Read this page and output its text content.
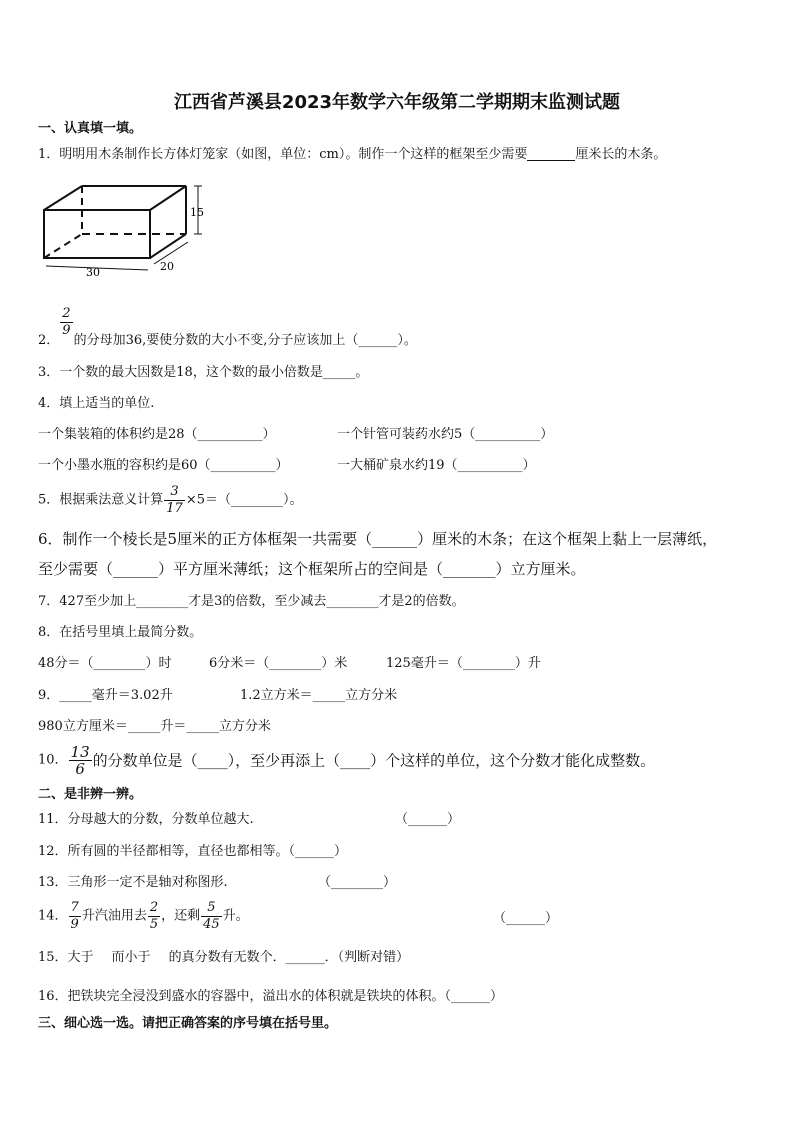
江西省芦溪县2023年数学六年级第二学期期末监测试题
一、认真填一填。
1．明明用木条制作长方体灯笼家（如图，单位：cm）。制作一个这样的框架至少需要	厘米长的木条。
30
15
20
2．
$\frac{2}{9}$
的分母加36,要使分数的大小不变,分子应该加上（______）。
3．一个数的最大因数是18，这个数的最小倍数是_____。
4．填上适当的单位.
一个集装箱的体积约是28（__________）	一个针管可装药水约5（__________）
一个小墨水瓶的容积约是60（__________）	一大桶矿泉水约19（__________）
5．根据乘法意义计算 $\frac{3}{17}$ ×5＝（________）。
6．制作一个棱长是5厘米的正方体框架一共需要（______）厘米的木条；在这个框架上黏上一层薄纸，
至少需要（______）平方厘米薄纸；这个框架所占的空间是（_______）立方厘米。
7．427至少加上________才是3的倍数，至少减去________才是2的倍数。
8．在括号里填上最简分数。
48分＝（________）时	6分米＝（________）米	125毫升＝（________）升
9．_____毫升＝3.02升	1.2立方米＝_____立方分米
980立方厘米＝_____升＝_____立方分米
10． $\frac{13}{6}$ 的分数单位是（____），至少再添上（____）个这样的单位，这个分数才能化成整数。
二、是非辨一辨。
11．分母越大的分数，分数单位越大.	（______）
12．所有圆的半径都相等，直径也都相等。（______）
13．三角形一定不是轴对称图形.	（________）
14． $\frac{7}{9}$ 升汽油用去 $\frac{2}{5}$ ，还剩 $\frac{5}{45}$ 升。	（______）
15．大于 而小于 的真分数有无数个．______．（判断对错）
16．把铁块完全浸没到盛水的容器中，溢出水的体积就是铁块的体积。（______）
三、细心选一选。请把正确答案的序号填在括号里。
